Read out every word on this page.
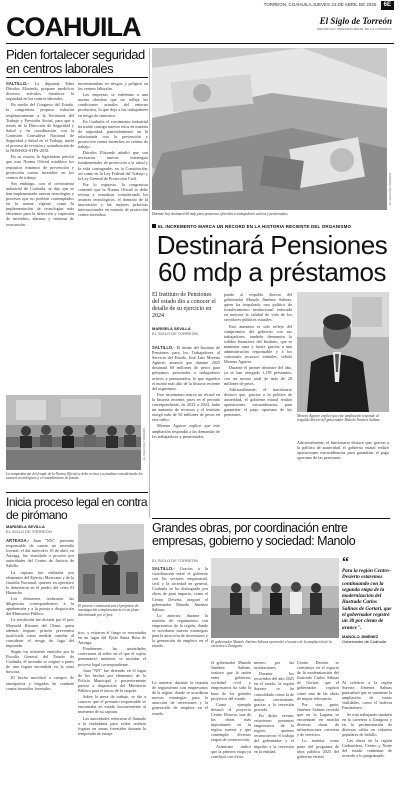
TORREÓN, COAHUILA JUEVES 24 DE ABRIL DE 2025 6E
COAHUILA	El Siglo de Torreón
PERIÓDICO INDEPENDIENTE DE LA COMARCA
Piden fortalecer seguridad en centros laborales

SALTILLO.- La diputada Edna Dávalos Elizondo, propone modificar diversos artículos, fortalecer la seguridad en los centros laborales.

En medio del Congreso del Estado, la congresista propuso exhortar respetuosamente a la Secretaría del Trabajo y Previsión Social, para que a través de la Dirección de Seguridad y Salud y en coordinación con la Comisión Consultiva Nacional de Seguridad y Salud en el Trabajo, inicie el proceso de revisión y actualización de la NOM-002-STPS-2010.

En su exorto, la legisladora precisó que esta Norma Oficial establece los requisitos mínimos de prevención y protección contra incendios en los centros de trabajo.

Sin embargo, con el crecimiento industrial de Coahuila, se dijo que se han implementado nuevas tecnologías y procesos que no podrían contemplados en la norma vigente, como la implementación de tecnologías más eficientes para la detección y supresión de incendios, alarmas y sistemas de evacuación.

incrementaban en riesgos y peligros en los centros laborales.

Las empresas se enfrentan a una norma obsoleta que no refleja las condiciones actuales del entorno productivo, lo que deja a los trabajadores en riesgo de siniestros.

En Coahuila el crecimiento industrial ha traído consigo nuevos retos en materia de seguridad, particularmente en la relacionada con la prevención y protección contra incendios en centros de trabajo.

Dávalos Elizondo añadió que son necesarias nuevas estrategias fundamentales de protección a la salud y la vida consagrados en la Constitución, así como en la Ley Federal del Trabajo y la Ley General de Protección Civil.

Por lo expuesto, la congresista comentó que la Norma Oficial se debe revisar y actualizar considerando los avances tecnológicos, el dominio de la innovación y las mejores prácticas internacionales en materia de protección contra incendios.

EL SIGLO DE TORREÓN
La comprobación del fraude de la Norma Oficial se debe revisar y actualizar considerando los avances tecnológicos y el entendimiento de fraude.
EL SIGLO DE TORREÓN
Durante hoy destinará 60 mdp para pensiones ofrecidos a trabajadores activos y pensionados.
EL INCREMENTO MARCA UN RÉCORD EN LA HISTORIA RECIENTE DEL ORGANISMO
Destinará Pensiones
60 mdp a préstamos
El Instituto de Pensiones del estado dio a conocer el detalle de su ejercicio en 2024
MARISELA SEVILLA
EL SIGLO DE TORREÓN

SALTILLO.- El titular del Instituto de Pensiones para los Trabajadores al Servicio del Estado, José Luis Moreno Aguirre, anunció que durante 2025 destinará 60 millones de pesos para préstamos personales a trabajadores activos y pensionados, lo que significa el monto más alto de la historia reciente del organismo.

Este incremento marca un récord en la historia reciente, pues en el periodo correspondiente, de 2023 a 2024, hubo un aumento de recursos y el instituto otorgó más de 50 millones de pesos en este rubro.

Moreno Aguirre explicó que este ampliación respondió a las demandas de los trabajadores y pensionados.

ponde al respaldo directo del gobernador Manolo Jiménez Salinas, quien ha impulsado una política de fortalecimiento institucional enfocada en mejorar la calidad de vida de los servidores públicos estatales.

Esto aumento es solo reflejo del compromiso del gobierno con sus trabajadores, también demuestra la solidez financiera del Instituto, que se mantiene sana y fuerte gracias a una administración responsable y a los constantes recursos estatales, señaló Moreno Aguirre.

Durante el primer trimestre del año, ya se han otorgado 1,139 préstamos, con un monto total de más de 20 millones de pesos.

Adicionalmente, el funcionario destacó que, gracias a la política de austeridad, el gobierno estatal realizó aportaciones extraordinarias para garantizar el pago oportuno de las pensiones.	Moreno Aguirre explicó que este ampliación responde al respaldo directo del gobernador Manolo Jiménez Salinas.

Adicionalmente, el funcionario destacó que, gracias a la política de austeridad, el gobierno estatal realizó aportaciones extraordinarias para garantizar el pago oportuno de las pensiones.

Inicia proceso legal en contra de pirómano
MARISELA SEVILLA
EL SIGLO DE TORREÓN

ARTEAGA.- Juan "NN", presunto responsable de causar un incendio forestal, el día miércoles 16 de abril, en Arteaga, fue vinculado a proceso por autoridades del Centro de Justicia de Saltillo.

La captura fue realizada por elementos del Ejército Mexicano y de la Guardia Nacional, quienes en operativo lo detuvieron en el predio del cerro El Huarache.

Los elementos realizaron las diligencias correspondientes a la aprehensión y a la puesta a disposición del Ministerio Público.

La resolución fue dictada por el juez Maynold Rixanet del Olmo, quien además impuso prisión preventiva justificada como medida cautelar al considerar el riesgo de fuga del imputado.

Según los informes emitidos por la Fiscalía General del Estado de Coahuila, el incendio se originó a partir de una fogata encendida en la zona boscosa.

El hecho movilizó a cuerpos de emergencia y brigadas de combate contra incendios forestales.

El proceso continuará con el propósito de investigación complementaria en un plazo determinado por el juez.

tivo, y evitaron el fuego se encontraba en un lugar del Ejido Santa Rosa de Arteaga.

Finalmente, las autoridades conectaron al señor en el que el sujeto permaneció mientras se iniciaba el proceso legal correspondiente.

Juan "NN" fue detenido en el lugar de los hechos por elementos de la Policía Municipal y posteriormente puesto a disposición del Ministerio Público para el inicio de la carpeta.

Sobre la mesa de trabajo, se dio a conocer que el presunto responsable se encontraba en estado inconveniente al momento de su captura.

Las autoridades reiteraron el llamado a la ciudadanía para evitar realizar fogatas en zonas forestales durante la temporada de estiaje.

Grandes obras, por coordinación entre empresas, gobierno y sociedad: Manolo
EL SIGLO DE TORREÓN

SALTILLO.- Gracias a la coordinación entre el gobierno con los sectores empresarial, civil y la sociedad en general, Coahuila se ha distinguido por obras de gran impacto, como el Centro Deserta, aseguró el gobernador Manolo Jiménez Salinas.

Lo anterior, durante la reunión de seguimiento con empresarios de la región, donde se acordaron nuevas estrategias para la atracción de inversiones y la generación de empleos en el estado.

El gobernador Manolo Jiménez Salinas aprovechó el avance de la ampliación de la carretera a Zaragoza.
“
Para la región Centro-Desierto estaremos continuando con la segunda etapa de la modernización del Ilustrado Carlos Salinas de Gortari, que el gobernador registró un 30 por ciento de avance".
MANOLO JIMÉNEZ
Gobernador de Coahuila

el gobernador Manolo Jiménez Salinas, sostuvo que la unión entre gobierno, sociedad civil y empresarios ha sido la base de los grandes proyectos del estado.

Como ejemplo destacó el proyecto Centro Deserta, una de las obras más importantes en la región sureste y que contempla diversas etapas de construcción.

Asimismo indicó que la primera etapa ya concluyó con éxito.

miento por las instalaciones.

Durante los recorridos del año 2025 en el estado, la región Sureste se ha consolidado como la de mayor crecimiento, gracias a la inversión privada.

En dicho evento, estuvieron presentes empresarios de la región, quienes reconocieron el trabajo del gobernador y el impulso a la inversión en la entidad.

Centro Deserta se constituye en el espacio de la modernización del Ilustrado Carlos Salinas de Gortari, que el gobernador registró como una de las obras de mayor relevancia.

Por otra parte, Jiménez Salinas recordó que en la Laguna se encuentran en marcha diversas obras de infraestructura carretera y de servicios.

Lo anterior como parte del programa de obra pública 2025 del gobierno estatal.

Al referirse a la región Sureste, Jiménez Salinas puntualizó que se mantiene la ampliación de varias vialidades, como el bulevar Fundadores.

Se está trabajando también en la carretera a Zaragoza y en la pavimentación de diversas calles en colonias populares de Saltillo.

Las obras en la región Carbonífera, Centro y Norte del estado continúan de acuerdo a lo programado.

Lo anterior, durante la reunión de seguimiento con empresarios de la región, donde se acordaron nuevas estrategias para la atracción de inversiones y la generación de empleos en el estado.
